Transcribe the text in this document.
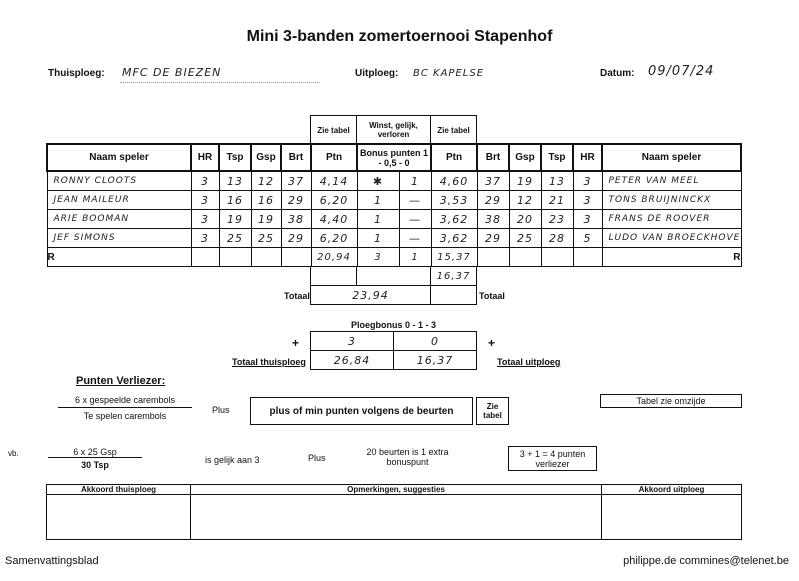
Mini 3-banden zomertoernooi Stapenhof
Thuisploeg: MFC DE BIEZEN	Uitploeg: BC KAPELSE	Datum: 09/07/24
Zie tabel	Winst, gelijk, verloren	Zie tabel
Naam speler	HR	Tsp	Gsp	Brt	Ptn	Bonus punten 1 - 0,5 - 0		Ptn	Brt	Gsp	Tsp	HR	Naam speler
RONNY CLOOTS	3	13	12	37	4,14	✱	1	4,60	37	19	13	3	PETER VAN MEEL
JEAN MAILEUR	3	16	16	29	6,20	1	—	3,53	29	12	21	3	TONS BRUIJNINCKX
ARIE BOOMAN	3	19	19	38	4,40	1	—	3,62	38	20	23	3	FRANS DE ROOVER
JEF SIMONS	3	25	25	29	6,20	1	—	3,62	29	25	28	5	LUDO VAN BROECKHOVE
R					20,94	3	1	15,37					R
16,37
Totaal	23,94	Totaal
Ploegbonus 0 - 1 - 3
+	+
3	0
26,84	16,37
Totaal thuisploeg	Totaal uitploeg
Punten Verliezer:
6 x gespeelde carembols
Te spelen carembols
Plus	plus of min punten volgens de beurten	Zie tabel
Tabel zie omzijde
vb.	6 x 25 Gsp
30 Tsp	is gelijk aan 3	Plus
20 beurten is 1 extra bonuspunt
3 + 1 = 4 punten verliezer
Akkoord thuisploeg	Opmerkingen, suggesties	Akkoord uitploeg

Samenvattingsblad	philippe.de commines@telenet.be
